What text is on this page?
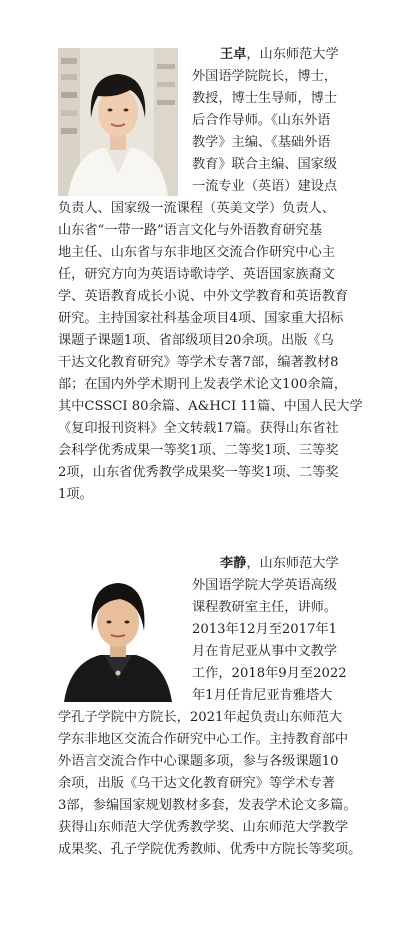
王卓，山东师范大学
外国语学院院长，博士，
教授，博士生导师，博士
后合作导师。《山东外语
教学》主编、《基础外语
教育》联合主编、国家级
一流专业（英语）建设点
负责人、国家级一流课程（英美文学）负责人、
山东省“一带一路”语言文化与外语教育研究基
地主任、山东省与东非地区交流合作研究中心主
任，研究方向为英语诗歌诗学、英语国家族裔文
学、英语教育成长小说、中外文学教育和英语教育
研究。主持国家社科基金项目4项、国家重大招标
课题子课题1项、省部级项目20余项。出版《乌
干达文化教育研究》等学术专著7部，编著教材8
部；在国内外学术期刊上发表学术论文100余篇，
其中CSSCI 80余篇、A&HCI 11篇、中国人民大学
《复印报刊资料》全文转载17篇。获得山东省社
会科学优秀成果一等奖1项、二等奖1项、三等奖
2项，山东省优秀教学成果奖一等奖1项、二等奖
1项。
李静，山东师范大学
外国语学院大学英语高级
课程教研室主任，讲师。
2013年12月至2017年1
月在肯尼亚从事中文教学
工作，2018年9月至2022
年1月任肯尼亚肯雅塔大
学孔子学院中方院长，2021年起负责山东师范大
学东非地区交流合作研究中心工作。主持教育部中
外语言交流合作中心课题多项，参与各级课题10
余项，出版《乌干达文化教育研究》等学术专著
3部，参编国家规划教材多套，发表学术论文多篇。
获得山东师范大学优秀教学奖、山东师范大学教学
成果奖、孔子学院优秀教师、优秀中方院长等奖项。
